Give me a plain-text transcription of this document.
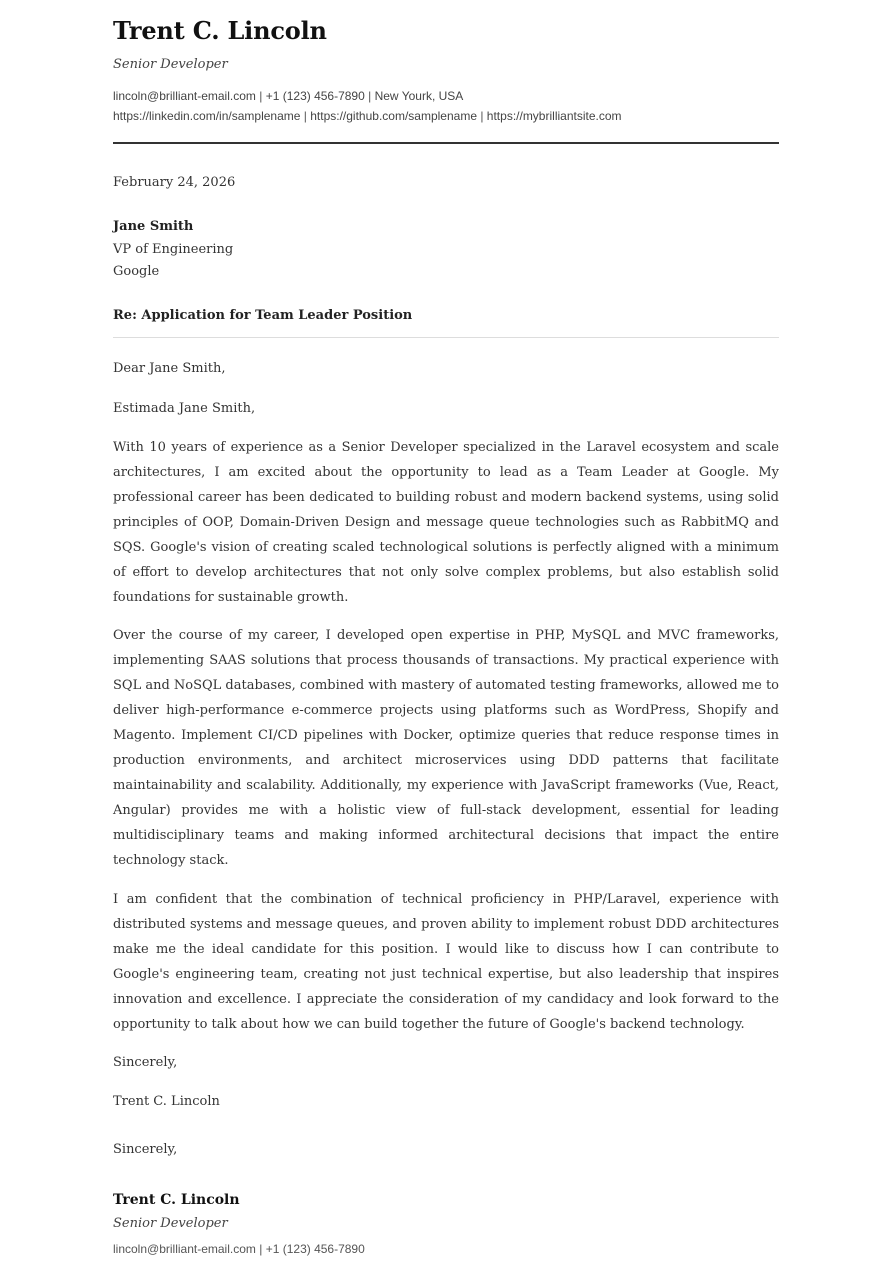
Trent C. Lincoln
Senior Developer
lincoln@brilliant-email.com | +1 (123) 456-7890 | New Yourk, USA
https://linkedin.com/in/samplename | https://github.com/samplename | https://mybrilliantsite.com
February 24, 2026
Jane Smith
VP of Engineering
Google
Re: Application for Team Leader Position
Dear Jane Smith,
Estimada Jane Smith,
With 10 years of experience as a Senior Developer specialized in the Laravel ecosystem and scale architectures, I am excited about the opportunity to lead as a Team Leader at Google. My professional career has been dedicated to building robust and modern backend systems, using solid principles of OOP, Domain-Driven Design and message queue technologies such as RabbitMQ and SQS. Google's vision of creating scaled technological solutions is perfectly aligned with a minimum of effort to develop architectures that not only solve complex problems, but also establish solid foundations for sustainable growth.
Over the course of my career, I developed open expertise in PHP, MySQL and MVC frameworks, implementing SAAS solutions that process thousands of transactions. My practical experience with SQL and NoSQL databases, combined with mastery of automated testing frameworks, allowed me to deliver high-performance e-commerce projects using platforms such as WordPress, Shopify and Magento. Implement CI/CD pipelines with Docker, optimize queries that reduce response times in production environments, and architect microservices using DDD patterns that facilitate maintainability and scalability. Additionally, my experience with JavaScript frameworks (Vue, React, Angular) provides me with a holistic view of full-stack development, essential for leading multidisciplinary teams and making informed architectural decisions that impact the entire technology stack.
I am confident that the combination of technical proficiency in PHP/Laravel, experience with distributed systems and message queues, and proven ability to implement robust DDD architectures make me the ideal candidate for this position. I would like to discuss how I can contribute to Google's engineering team, creating not just technical expertise, but also leadership that inspires innovation and excellence. I appreciate the consideration of my candidacy and look forward to the opportunity to talk about how we can build together the future of Google's backend technology.
Sincerely,
Trent C. Lincoln
Sincerely,
Trent C. Lincoln
Senior Developer
lincoln@brilliant-email.com | +1 (123) 456-7890
